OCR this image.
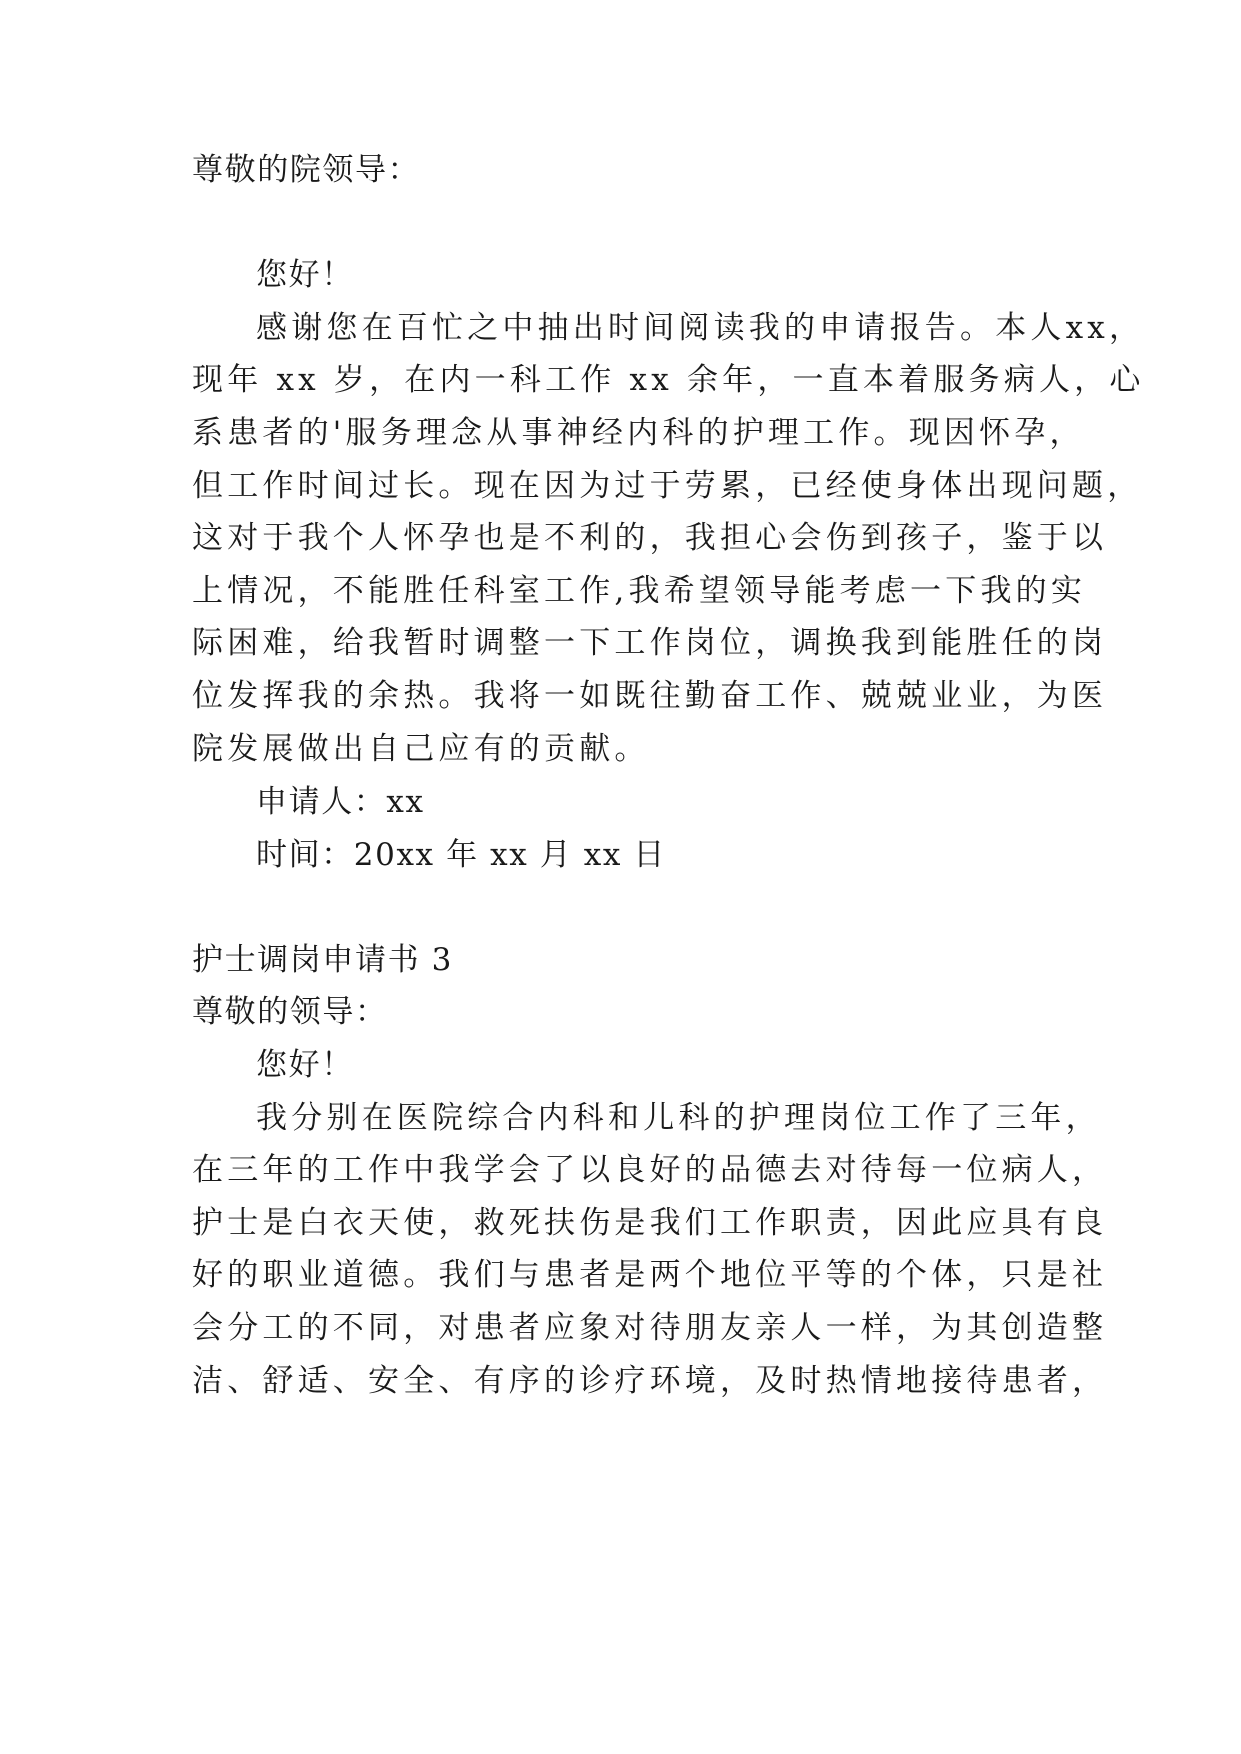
尊敬的院领导：
您好！
感谢您在百忙之中抽出时间阅读我的申请报告。本人xx，
现年 xx 岁，在内一科工作 xx 余年，一直本着服务病人，心
系患者的'服务理念从事神经内科的护理工作。现因怀孕，
但工作时间过长。现在因为过于劳累，已经使身体出现问题，
这对于我个人怀孕也是不利的，我担心会伤到孩子，鉴于以
上情况，不能胜任科室工作,我希望领导能考虑一下我的实
际困难，给我暂时调整一下工作岗位，调换我到能胜任的岗
位发挥我的余热。我将一如既往勤奋工作、兢兢业业，为医
院发展做出自己应有的贡献。
申请人：xx
时间：20xx 年 xx 月 xx 日
护士调岗申请书 3
尊敬的领导：
您好！
我分别在医院综合内科和儿科的护理岗位工作了三年，
在三年的工作中我学会了以良好的品德去对待每一位病人，
护士是白衣天使，救死扶伤是我们工作职责，因此应具有良
好的职业道德。我们与患者是两个地位平等的个体，只是社
会分工的不同，对患者应象对待朋友亲人一样，为其创造整
洁、舒适、安全、有序的诊疗环境，及时热情地接待患者，
